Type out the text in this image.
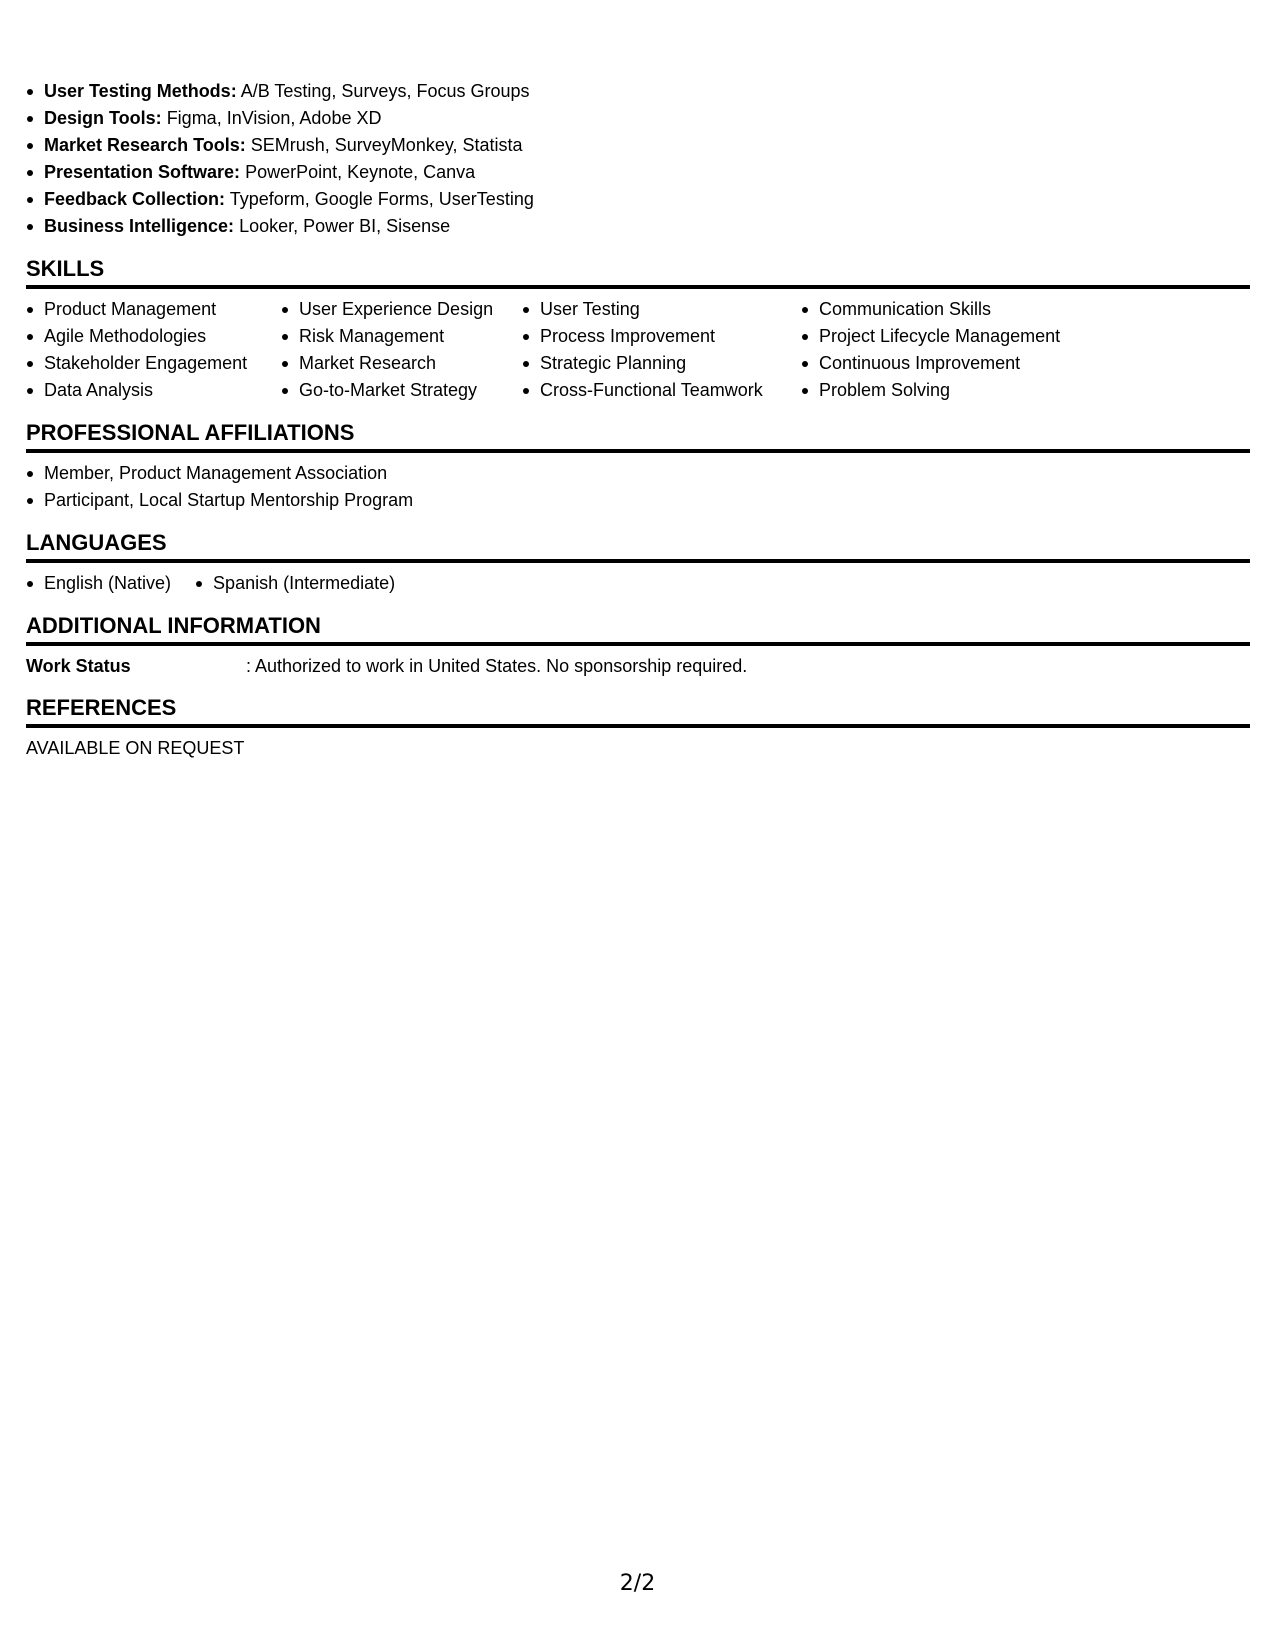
User Testing Methods: A/B Testing, Surveys, Focus Groups
Design Tools: Figma, InVision, Adobe XD
Market Research Tools: SEMrush, SurveyMonkey, Statista
Presentation Software: PowerPoint, Keynote, Canva
Feedback Collection: Typeform, Google Forms, UserTesting
Business Intelligence: Looker, Power BI, Sisense
SKILLS
Product Management
Agile Methodologies
Stakeholder Engagement
Data Analysis
User Experience Design
Risk Management
Market Research
Go-to-Market Strategy
User Testing
Process Improvement
Strategic Planning
Cross-Functional Teamwork
Communication Skills
Project Lifecycle Management
Continuous Improvement
Problem Solving
PROFESSIONAL AFFILIATIONS
Member, Product Management Association
Participant, Local Startup Mentorship Program
LANGUAGES
English (Native)	Spanish (Intermediate)
ADDITIONAL INFORMATION
Work Status	: Authorized to work in United States. No sponsorship required.
REFERENCES
AVAILABLE ON REQUEST
2/2
